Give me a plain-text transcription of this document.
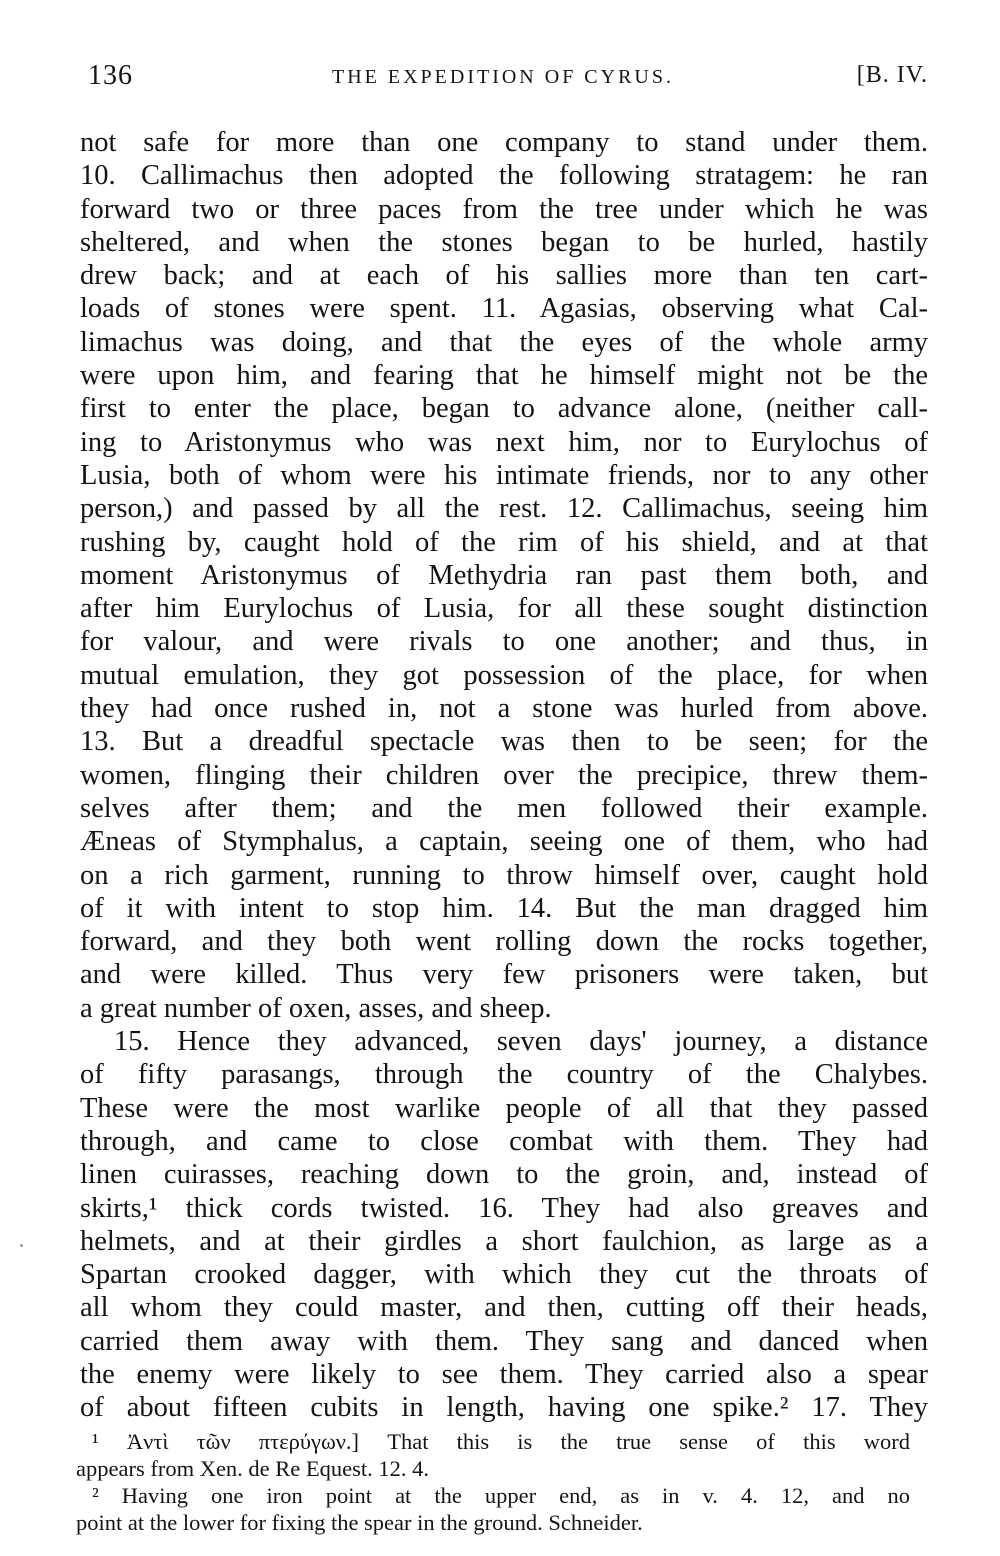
136	THE EXPEDITION OF CYRUS.	[B. IV.
not safe for more than one company to stand under them.
10. Callimachus then adopted the following stratagem: he ran
forward two or three paces from the tree under which he was
sheltered, and when the stones began to be hurled, hastily
drew back; and at each of his sallies more than ten cart-
loads of stones were spent. 11. Agasias, observing what Cal-
limachus was doing, and that the eyes of the whole army
were upon him, and fearing that he himself might not be the
first to enter the place, began to advance alone, (neither call-
ing to Aristonymus who was next him, nor to Eurylochus of
Lusia, both of whom were his intimate friends, nor to any other
person,) and passed by all the rest. 12. Callimachus, seeing him
rushing by, caught hold of the rim of his shield, and at that
moment Aristonymus of Methydria ran past them both, and
after him Eurylochus of Lusia, for all these sought distinction
for valour, and were rivals to one another; and thus, in
mutual emulation, they got possession of the place, for when
they had once rushed in, not a stone was hurled from above.
13. But a dreadful spectacle was then to be seen; for the
women, flinging their children over the precipice, threw them-
selves after them; and the men followed their example.
Æneas of Stymphalus, a captain, seeing one of them, who had
on a rich garment, running to throw himself over, caught hold
of it with intent to stop him. 14. But the man dragged him
forward, and they both went rolling down the rocks together,
and were killed. Thus very few prisoners were taken, but
a great number of oxen, asses, and sheep.
15. Hence they advanced, seven days' journey, a distance
of fifty parasangs, through the country of the Chalybes.
These were the most warlike people of all that they passed
through, and came to close combat with them. They had
linen cuirasses, reaching down to the groin, and, instead of
skirts,¹ thick cords twisted. 16. They had also greaves and
helmets, and at their girdles a short faulchion, as large as a
Spartan crooked dagger, with which they cut the throats of
all whom they could master, and then, cutting off their heads,
carried them away with them. They sang and danced when
the enemy were likely to see them. They carried also a spear
of about fifteen cubits in length, having one spike.² 17. They
¹ Ἀντὶ τῶν πτερύγων.] That this is the true sense of this word
appears from Xen. de Re Equest. 12. 4.
² Having one iron point at the upper end, as in v. 4. 12, and no
point at the lower for fixing the spear in the ground. Schneider.
